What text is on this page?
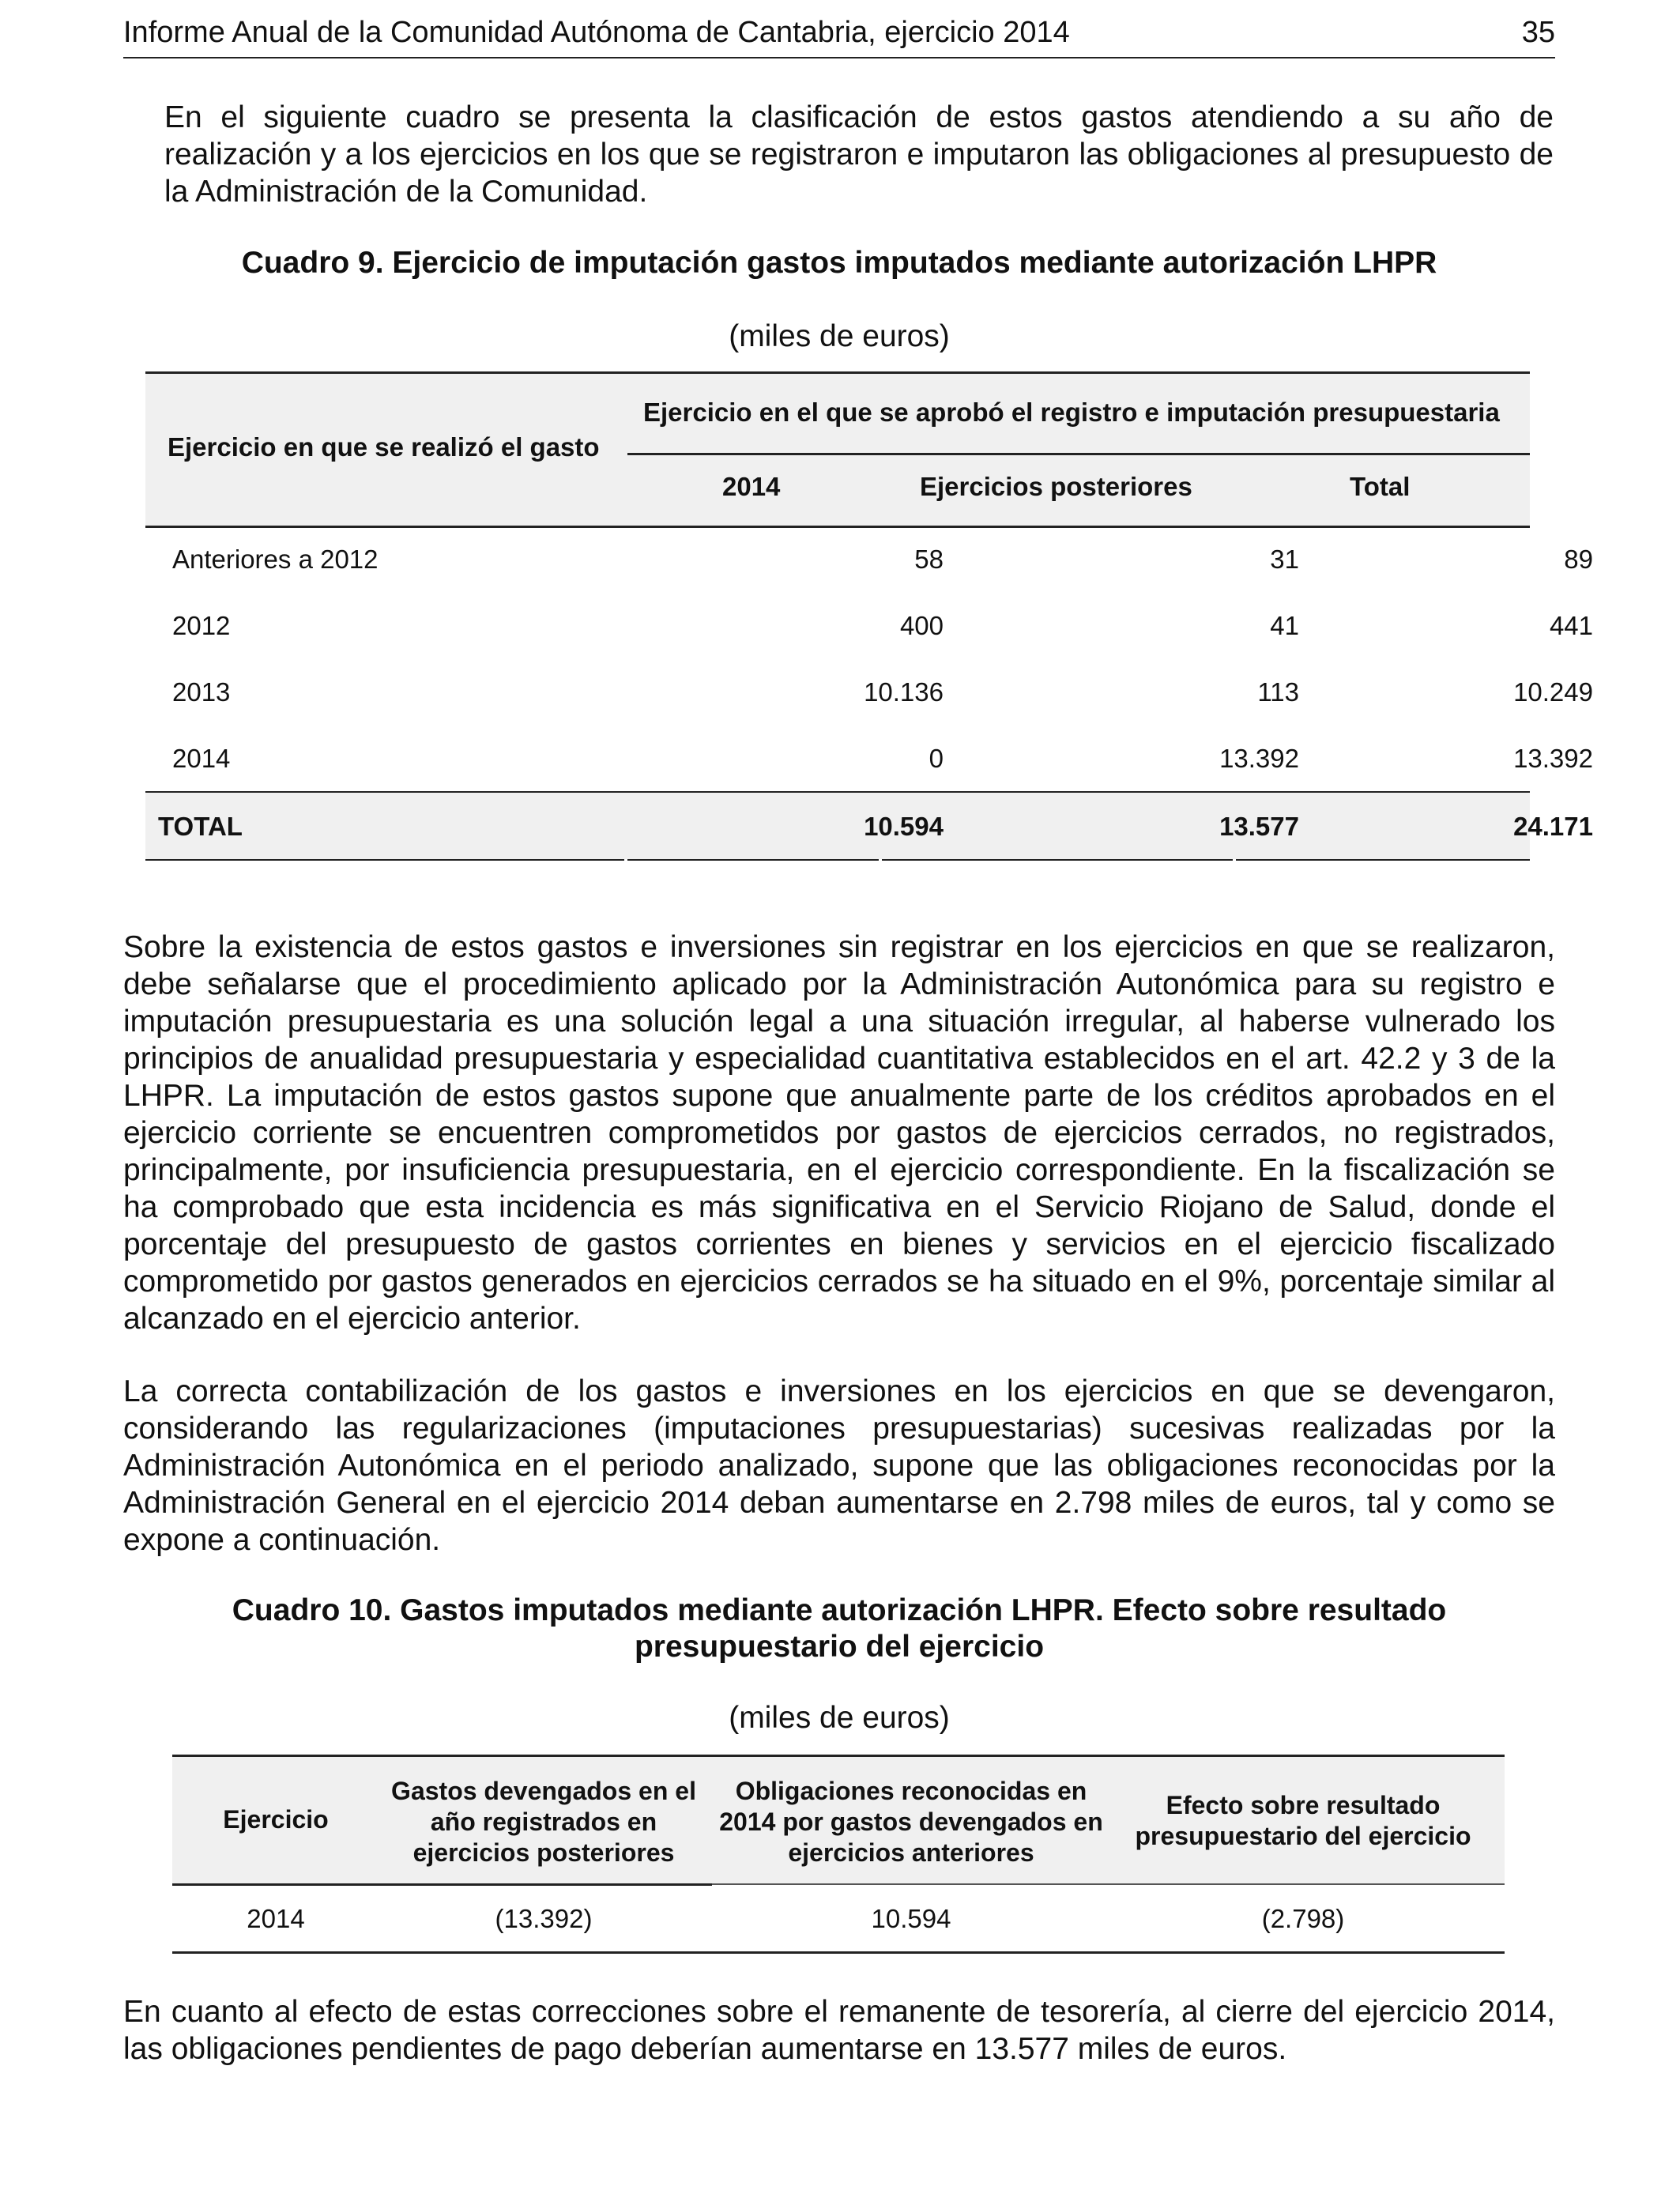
Informe Anual de la Comunidad Autónoma de Cantabria, ejercicio 2014	35

En el siguiente cuadro se presenta la clasificación de estos gastos atendiendo a su año de realización y a los ejercicios en los que se registraron e imputaron las obligaciones al presupuesto de la Administración de la Comunidad.

Cuadro 9. Ejercicio de imputación gastos imputados mediante autorización LHPR

(miles de euros)

Ejercicio en que se realizó el gasto
Ejercicio en el que se aprobó el registro e imputación presupuestaria
2014	Ejercicios posteriores	Total
Anteriores a 2012	58	31	89
2012	400	41	441
2013	10.136	113	10.249
2014	0	13.392	13.392
TOTAL	10.594	13.577	24.171

Sobre la existencia de estos gastos e inversiones sin registrar en los ejercicios en que se realizaron, debe señalarse que el procedimiento aplicado por la Administración Autonómica para su registro e imputación presupuestaria es una solución legal a una situación irregular, al haberse vulnerado los principios de anualidad presupuestaria y especialidad cuantitativa establecidos en el art. 42.2 y 3 de la LHPR. La imputación de estos gastos supone que anualmente parte de los créditos aprobados en el ejercicio corriente se encuentren comprometidos por gastos de ejercicios cerrados, no registrados, principalmente, por insuficiencia presupuestaria, en el ejercicio correspondiente. En la fiscalización se ha comprobado que esta incidencia es más significativa en el Servicio Riojano de Salud, donde el porcentaje del presupuesto de gastos corrientes en bienes y servicios en el ejercicio fiscalizado comprometido por gastos generados en ejercicios cerrados se ha situado en el 9%, porcentaje similar al alcanzado en el ejercicio anterior.

La correcta contabilización de los gastos e inversiones en los ejercicios en que se devengaron, considerando las regularizaciones (imputaciones presupuestarias) sucesivas realizadas por la Administración Autonómica en el periodo analizado, supone que las obligaciones reconocidas por la Administración General en el ejercicio 2014 deban aumentarse en 2.798 miles de euros, tal y como se expone a continuación.

Cuadro 10. Gastos imputados mediante autorización LHPR. Efecto sobre resultado

presupuestario del ejercicio

(miles de euros)

Ejercicio
Gastos devengados en el año registrados en ejercicios posteriores
Obligaciones reconocidas en 2014 por gastos devengados en ejercicios anteriores
Efecto sobre resultado presupuestario del ejercicio
2014	(13.392)	10.594	(2.798)

En cuanto al efecto de estas correcciones sobre el remanente de tesorería, al cierre del ejercicio 2014, las obligaciones pendientes de pago deberían aumentarse en 13.577 miles de euros.
